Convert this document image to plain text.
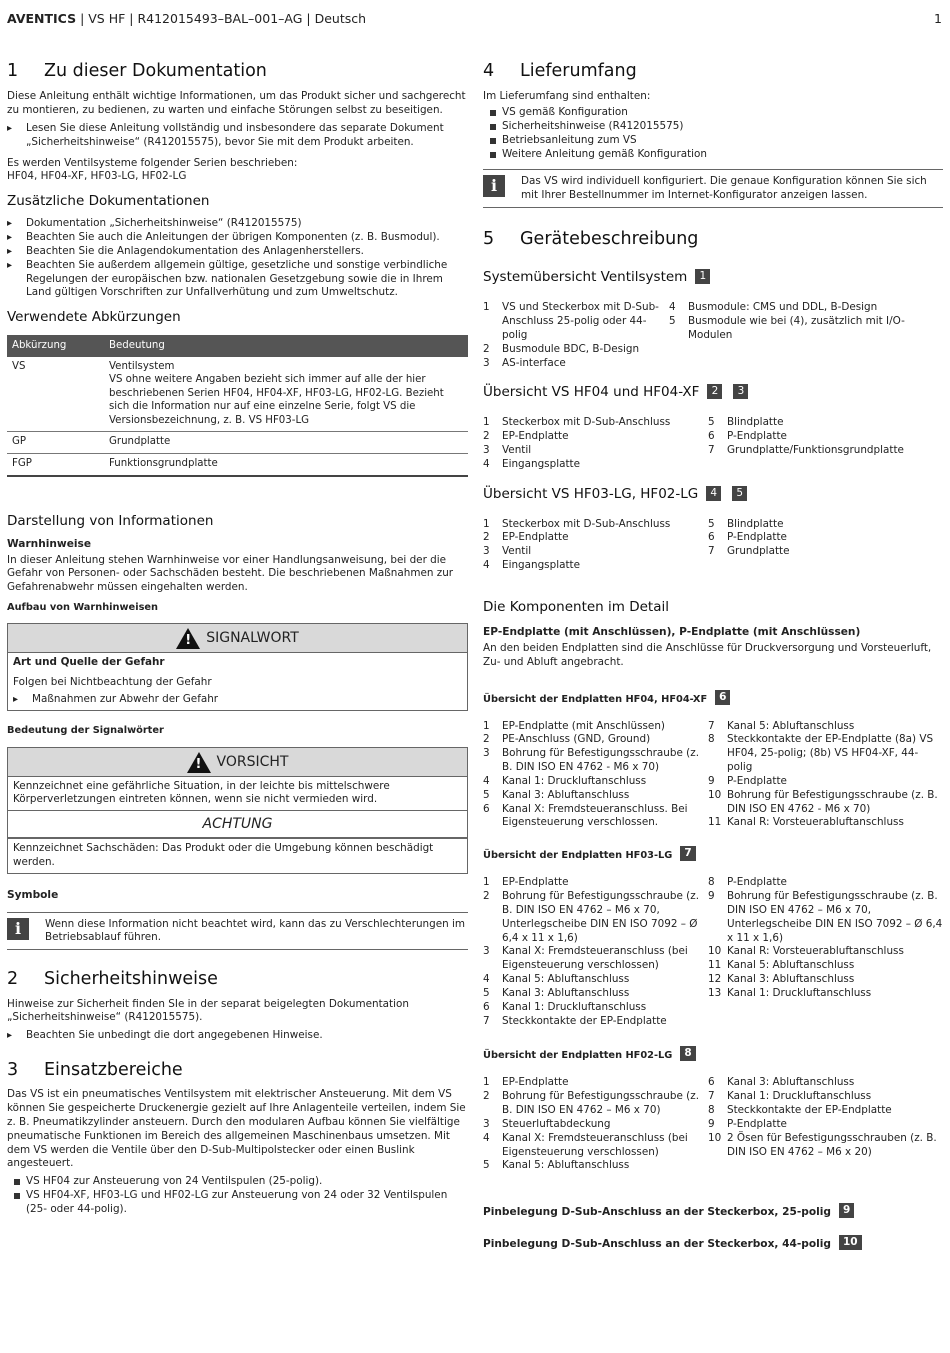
AVENTICS | VS HF | R412015493–BAL–001–AG | Deutsch	1
1	Zu dieser Dokumentation

Diese Anleitung enthält wichtige Informationen, um das Produkt sicher und sachgerecht zu montieren, zu bedienen, zu warten und einfache Störungen selbst zu beseitigen.

▸ Lesen Sie diese Anleitung vollständig und insbesondere das separate Dokument „Sicherheitshinweise“ (R412015575), bevor Sie mit dem Produkt arbeiten.

Es werden Ventilsysteme folgender Serien beschrieben:

HF04, HF04-XF, HF03-LG, HF02-LG

Zusätzliche Dokumentationen
▸ Dokumentation „Sicherheitshinweise“ (R412015575)
▸ Beachten Sie auch die Anleitungen der übrigen Komponenten (z. B. Busmodul).
▸ Beachten Sie die Anlagendokumentation des Anlagenherstellers.
▸ Beachten Sie außerdem allgemein gültige, gesetzliche und sonstige verbindliche Regelungen der europäischen bzw. nationalen Gesetzgebung sowie die in Ihrem Land gültigen Vorschriften zur Unfallverhütung und zum Umweltschutz.
Verwendete Abkürzungen
Abkürzung	Bedeutung
VS	Ventilsystem
VS ohne weitere Angaben bezieht sich immer auf alle der hier beschriebenen Serien HF04, HF04-XF, HF03-LG, HF02-LG. Bezieht sich die Information nur auf eine einzelne Serie, folgt VS die Versionsbezeichnung, z. B. VS HF03-LG

GP	Grundplatte
FGP	Funktionsgrundplatte
Darstellung von Informationen
Warnhinweise

In dieser Anleitung stehen Warnhinweise vor einer Handlungsanweisung, bei der die Gefahr von Personen- oder Sachschäden besteht. Die beschriebenen Maßnahmen zur Gefahrenabwehr müssen eingehalten werden.

Aufbau von Warnhinweisen
! SIGNALWORT
Art und Quelle der Gefahr
Folgen bei Nichtbeachtung der Gefahr
▸ Maßnahmen zur Abwehr der Gefahr
Bedeutung der Signalwörter
! VORSICHT
Kennzeichnet eine gefährliche Situation, in der leichte bis mittelschwere Körperverletzungen eintreten können, wenn sie nicht vermieden wird.
ACHTUNG
Kennzeichnet Sachschäden: Das Produkt oder die Umgebung können beschädigt werden.
Symbole
i	Wenn diese Information nicht beachtet wird, kann das zu Verschlechterungen im Betriebsablauf führen.
2	Sicherheitshinweise

Hinweise zur Sicherheit finden SIe in der separat beigelegten Dokumentation „Sicherheitshinweise“ (R412015575).

▸ Beachten Sie unbedingt die dort angegebenen Hinweise.
3	Einsatzbereiche

Das VS ist ein pneumatisches Ventilsystem mit elektrischer Ansteuerung. Mit dem VS können Sie gespeicherte Druckenergie gezielt auf Ihre Anlagenteile verteilen, indem Sie z. B. Pneumatikzylinder ansteuern. Durch den modularen Aufbau können Sie vielfältige pneumatische Funktionen im Bereich des allgemeinen Maschinenbaus umsetzen. Mit dem VS werden die Ventile über den D-Sub-Multipolstecker oder einen Buslink angesteuert.

VS HF04 zur Ansteuerung von 24 Ventilspulen (25-polig).
VS HF04-XF, HF03-LG und HF02-LG zur Ansteuerung von 24 oder 32 Ventilspulen (25- oder 44-polig).
4	Lieferumfang

Im Lieferumfang sind enthalten:

VS gemäß Konfiguration
Sicherheitshinweise (R412015575)
Betriebsanleitung zum VS
Weitere Anleitung gemäß Konfiguration
i	Das VS wird individuell konfiguriert. Die genaue Konfiguration können Sie sich mit Ihrer Bestellnummer im Internet-Konfigurator anzeigen lassen.
5	Gerätebeschreibung
Systemübersicht Ventilsystem 1
1	VS und Steckerbox mit D-Sub-Anschluss 25-polig oder 44-polig
2	Busmodule BDC, B-Design
3	AS-interface
4	Busmodule: CMS und DDL, B-Design
5	Busmodule wie bei (4), zusätzlich mit I/O-Modulen
Übersicht VS HF04 und HF04-XF 2 3
1	Steckerbox mit D-Sub-Anschluss
2	EP-Endplatte
3	Ventil
4	Eingangsplatte
5	Blindplatte
6	P-Endplatte
7	Grundplatte/Funktionsgrundplatte
Übersicht VS HF03-LG, HF02-LG 4 5
1	Steckerbox mit D-Sub-Anschluss
2	EP-Endplatte
3	Ventil
4	Eingangsplatte
5	Blindplatte
6	P-Endplatte
7	Grundplatte
Die Komponenten im Detail
EP-Endplatte (mit Anschlüssen), P-Endplatte (mit Anschlüssen)

An den beiden Endplatten sind die Anschlüsse für Druckversorgung und Vorsteuerluft, Zu- und Abluft angebracht.

Übersicht der Endplatten HF04, HF04-XF 6
1	EP-Endplatte (mit Anschlüssen)
2	PE-Anschluss (GND, Ground)
3	Bohrung für Befestigungsschraube (z. B. DIN ISO EN 4762 - M6 x 70)
4	Kanal 1: Druckluftanschluss
5	Kanal 3: Abluftanschluss
6	Kanal X: Fremdsteueranschluss. Bei Eigensteuerung verschlossen.
7	Kanal 5: Abluftanschluss
8	Steckkontakte der EP-Endplatte (8a) VS HF04, 25-polig; (8b) VS HF04-XF, 44-polig
9	P-Endplatte
10 Bohrung für Befestigungsschraube (z. B. DIN ISO EN 4762 - M6 x 70)
11 Kanal R: Vorsteuerabluftanschluss
Übersicht der Endplatten HF03-LG 7
1	EP-Endplatte
2	Bohrung für Befestigungsschraube (z. B. DIN ISO EN 4762 – M6 x 70, Unterlegscheibe DIN EN ISO 7092 – Ø 6,4 x 11 x 1,6)
3	Kanal X: Fremdsteueranschluss (bei Eigensteuerung verschlossen)
4	Kanal 5: Abluftanschluss
5	Kanal 3: Abluftanschluss
6	Kanal 1: Druckluftanschluss
7	Steckkontakte der EP-Endplatte
8	P-Endplatte
9	Bohrung für Befestigungsschraube (z. B. DIN ISO EN 4762 – M6 x 70, Unterlegscheibe DIN EN ISO 7092 – Ø 6,4 x 11 x 1,6)
10 Kanal R: Vorsteuerabluftanschluss
11 Kanal 5: Abluftanschluss
12 Kanal 3: Abluftanschluss
13 Kanal 1: Druckluftanschluss
Übersicht der Endplatten HF02-LG 8
1	EP-Endplatte
2	Bohrung für Befestigungsschraube (z. B. DIN ISO EN 4762 – M6 x 70)
3	Steuerluftabdeckung
4	Kanal X: Fremdsteueranschluss (bei Eigensteuerung verschlossen)
5	Kanal 5: Abluftanschluss
6	Kanal 3: Abluftanschluss
7	Kanal 1: Druckluftanschluss
8	Steckkontakte der EP-Endplatte
9	P-Endplatte
10 2 Ösen für Befestigungsschrauben (z. B. DIN ISO EN 4762 – M6 x 20)
Pinbelegung D-Sub-Anschluss an der Steckerbox, 25-polig 9
Pinbelegung D-Sub-Anschluss an der Steckerbox, 44-polig 10
